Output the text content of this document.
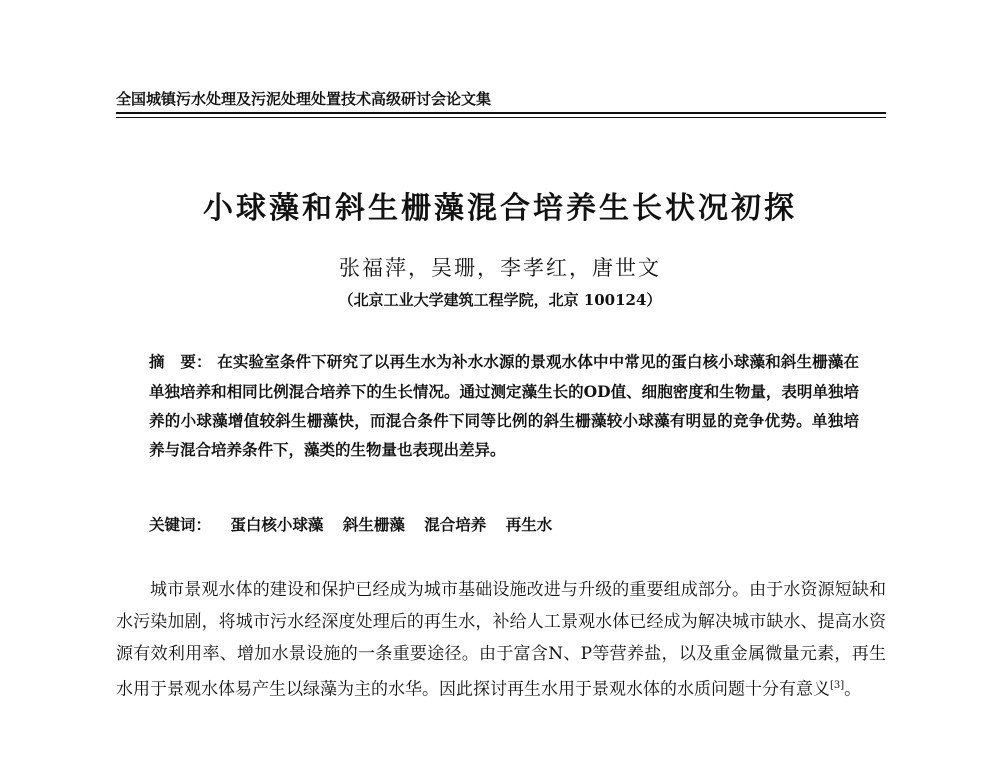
全国城镇污水处理及污泥处理处置技术高级研讨会论文集
小球藻和斜生栅藻混合培养生长状况初探
张福萍，吴珊，李孝红，唐世文
（北京工业大学建筑工程学院，北京 100124）
摘　要： 在实验室条件下研究了以再生水为补水水源的景观水体中中常见的蛋白核小球藻和斜生栅藻在单独培养和相同比例混合培养下的生长情况。通过测定藻生长的OD值、细胞密度和生物量，表明单独培养的小球藻增值较斜生栅藻快，而混合条件下同等比例的斜生栅藻较小球藻有明显的竞争优势。单独培养与混合培养条件下，藻类的生物量也表现出差异。
关键词： 蛋白核小球藻 斜生栅藻 混合培养 再生水
城市景观水体的建设和保护已经成为城市基础设施改进与升级的重要组成部分。由于水资源短缺和水污染加剧，将城市污水经深度处理后的再生水，补给人工景观水体已经成为解决城市缺水、提高水资源有效利用率、增加水景设施的一条重要途径。由于富含N、P等营养盐，以及重金属微量元素，再生水用于景观水体易产生以绿藻为主的水华。因此探讨再生水用于景观水体的水质问题十分有意义[3]。
